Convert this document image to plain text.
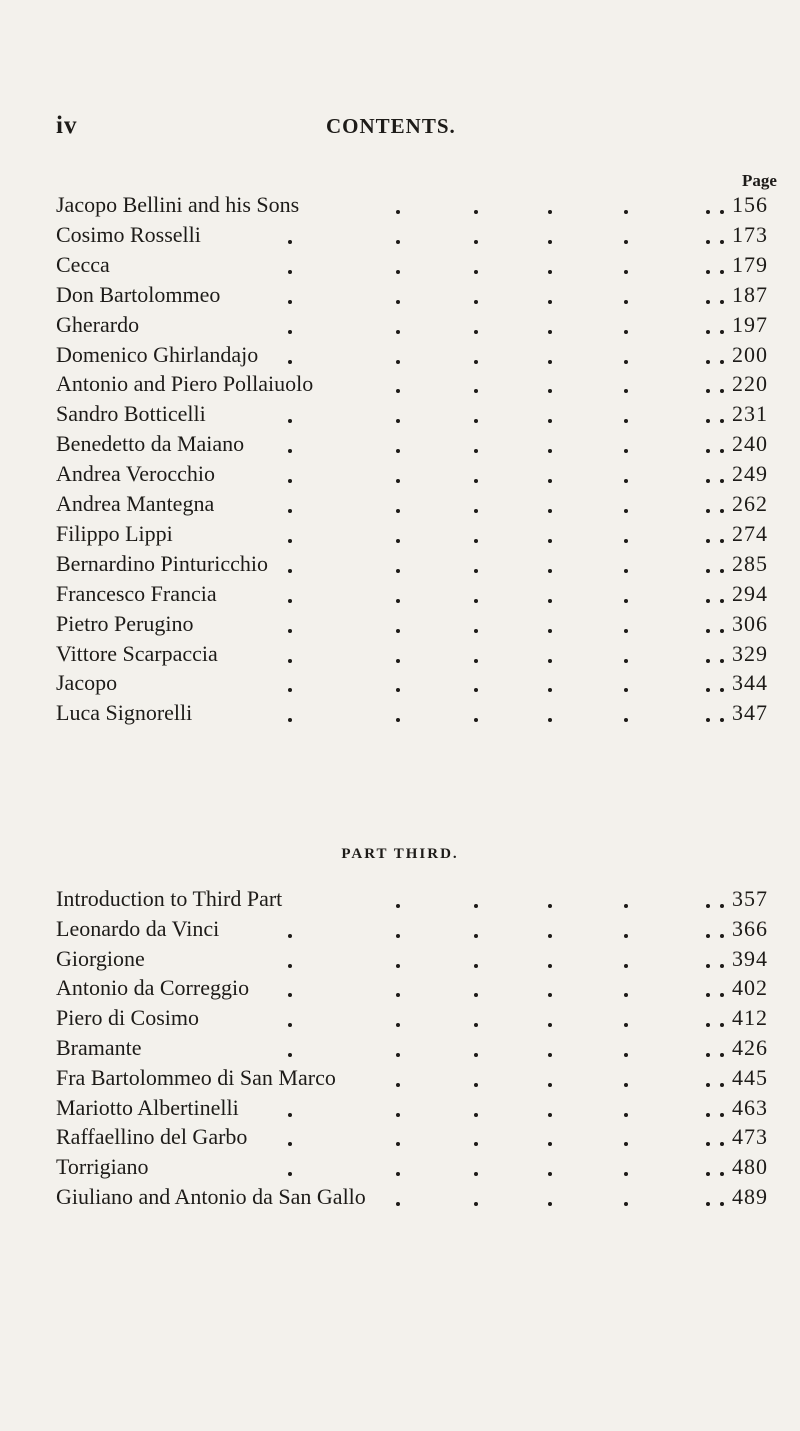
iv	CONTENTS.
Page
Jacopo Bellini and his Sons	156
Cosimo Rosselli	173
Cecca	179
Don Bartolommeo	187
Gherardo	197
Domenico Ghirlandajo	200
Antonio and Piero Pollaiuolo	220
Sandro Botticelli	231
Benedetto da Maiano	240
Andrea Verocchio	249
Andrea Mantegna	262
Filippo Lippi	274
Bernardino Pinturicchio	285
Francesco Francia	294
Pietro Perugino	306
Vittore Scarpaccia	329
Jacopo	344
Luca Signorelli	347
PART THIRD.
Introduction to Third Part	357
Leonardo da Vinci	366
Giorgione	394
Antonio da Correggio	402
Piero di Cosimo	412
Bramante	426
Fra Bartolommeo di San Marco	445
Mariotto Albertinelli	463
Raffaellino del Garbo	473
Torrigiano	480
Giuliano and Antonio da San Gallo	489
